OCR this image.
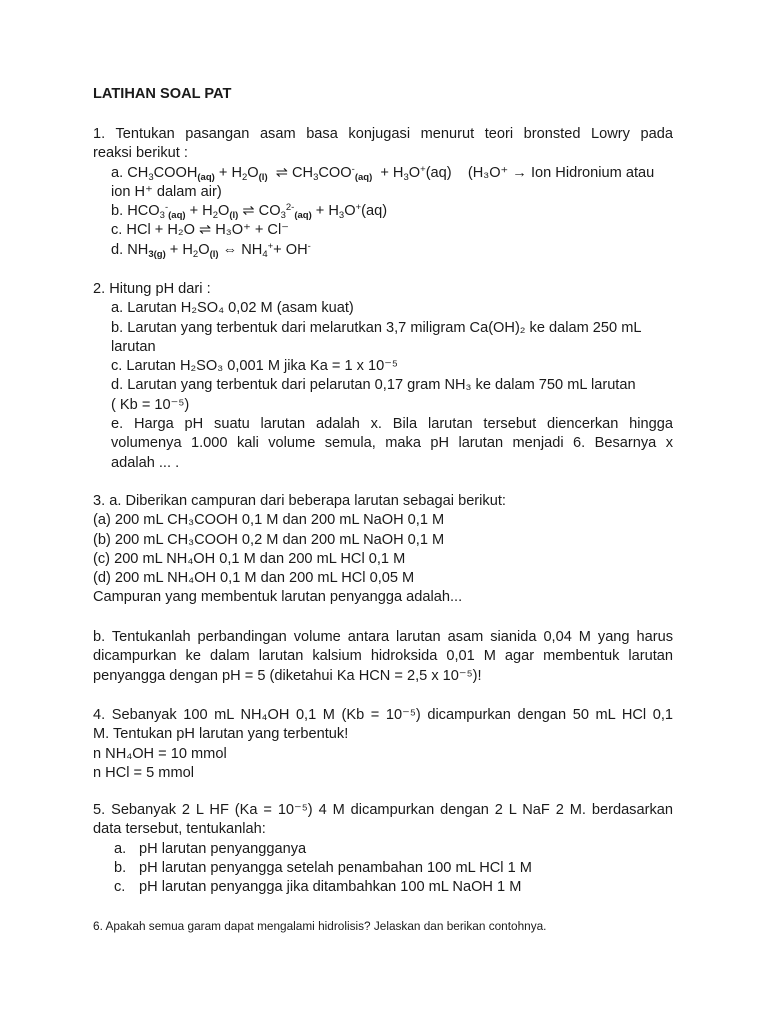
LATIHAN SOAL PAT
1. Tentukan pasangan asam basa konjugasi menurut teori bronsted Lowry pada
reaksi berikut :
a. $CH_3COOH_{(aq)} + H_2O_{(l)}$  ⇌ $CH_3COO^-_{(aq)} + H_3O^+(aq)$    (H₃O⁺ → Ion Hidronium atau
ion H⁺ dalam air)
b. $HCO_3^-_{(aq)} + H_2O_{(l)}$ ⇌ $CO_3^{2-}_{(aq)} + H_3O^+(aq)$
c. HCl + H₂O ⇌ H₃O⁺ + Cl⁻
d. $NH_{3(g)} + H_2O_{(l)}$ ⇔ $NH_4^++ OH^-$
2. Hitung pH dari :
a. Larutan H₂SO₄ 0,02 M (asam kuat)
b. Larutan yang terbentuk dari melarutkan 3,7 miligram Ca(OH)₂ ke dalam 250 mL
larutan
c. Larutan H₂SO₃ 0,001 M jika Ka = 1 x 10⁻⁵
d. Larutan yang terbentuk dari pelarutan 0,17 gram NH₃ ke dalam 750 mL larutan
( Kb = 10⁻⁵)
e. Harga pH suatu larutan adalah x. Bila larutan tersebut diencerkan hingga
volumenya 1.000 kali volume semula, maka pH larutan menjadi 6. Besarnya x
adalah ... .
3. a. Diberikan campuran dari beberapa larutan sebagai berikut:
(a) 200 mL CH₃COOH 0,1 M dan 200 mL NaOH 0,1 M
(b) 200 mL CH₃COOH 0,2 M dan 200 mL NaOH 0,1 M
(c) 200 mL NH₄OH 0,1 M dan 200 mL HCl 0,1 M
(d) 200 mL NH₄OH 0,1 M dan 200 mL HCl 0,05 M
Campuran yang membentuk larutan penyangga adalah...
b. Tentukanlah perbandingan volume antara larutan asam sianida 0,04 M yang harus
dicampurkan ke dalam larutan kalsium hidroksida 0,01 M agar membentuk larutan
penyangga dengan pH = 5 (diketahui Ka HCN = 2,5 x 10⁻⁵)!
4. Sebanyak 100 mL NH₄OH 0,1 M (Kb = 10⁻⁵) dicampurkan dengan 50 mL HCl 0,1
M. Tentukan pH larutan yang terbentuk!
n NH₄OH = 10 mmol
n HCl = 5 mmol
5. Sebanyak 2 L HF (Ka = 10⁻⁵) 4 M dicampurkan dengan 2 L NaF 2 M. berdasarkan
data tersebut, tentukanlah:
a. pH larutan penyangganya
b. pH larutan penyangga setelah penambahan 100 mL HCl 1 M
c. pH larutan penyangga jika ditambahkan 100 mL NaOH 1 M
6. Apakah semua garam dapat mengalami hidrolisis? Jelaskan dan berikan contohnya.
